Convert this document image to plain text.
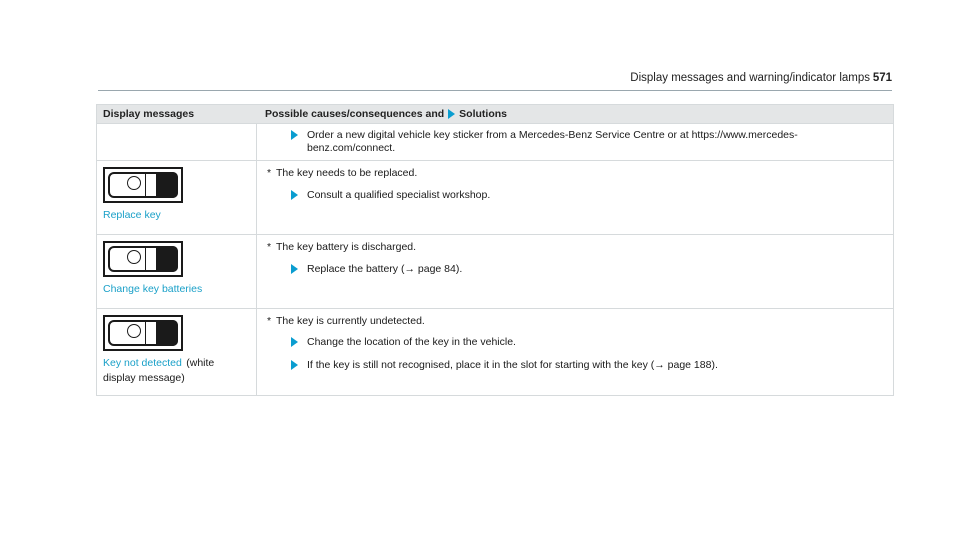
Display messages and warning/indicator lamps 571
Display messages	Possible causes/consequences and Solutions
Order a new digital vehicle key sticker from a Mercedes-Benz Service Centre or at https://www.mercedes-
benz.com/connect.
Replace key
* The key needs to be replaced.
Consult a qualified specialist workshop.
Change key batteries
* The key battery is discharged.
Replace the battery (→ page 84).
Key not detected (white
display message)
* The key is currently undetected.
Change the location of the key in the vehicle.
If the key is still not recognised, place it in the slot for starting with the key (→ page 188).
